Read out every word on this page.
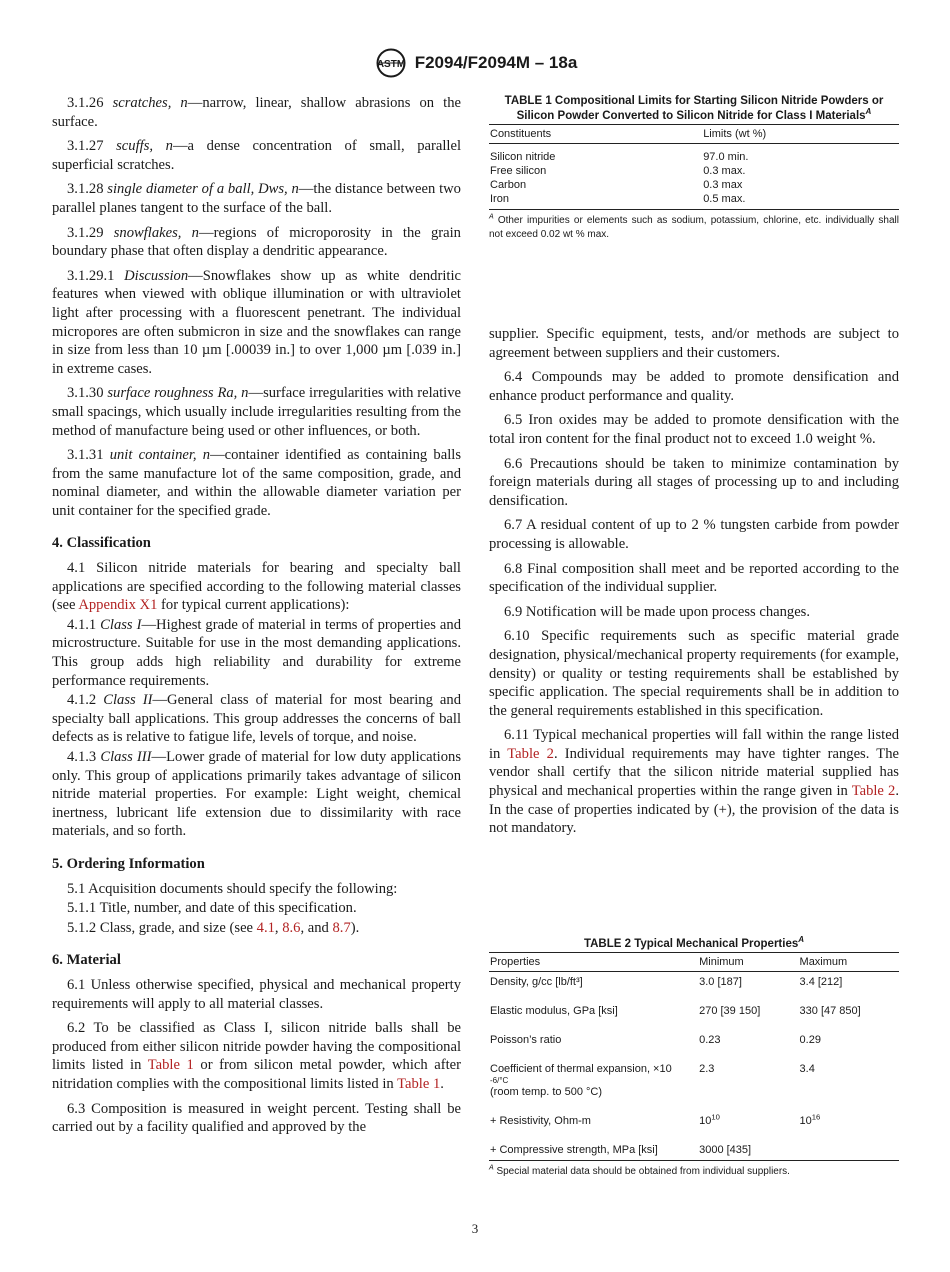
ASTM F2094/F2094M – 18a

3.1.26 scratches, n—narrow, linear, shallow abrasions on the surface.

3.1.27 scuffs, n—a dense concentration of small, parallel superficial scratches.

3.1.28 single diameter of a ball, Dws, n—the distance between two parallel planes tangent to the surface of the ball.

3.1.29 snowflakes, n—regions of microporosity in the grain boundary phase that often display a dendritic appearance.

3.1.29.1 Discussion—Snowflakes show up as white dendritic features when viewed with oblique illumination or with ultraviolet light after processing with a fluorescent penetrant. The individual micropores are often submicron in size and the snowflakes can range in size from less than 10 µm [.00039 in.] to over 1,000 µm [.039 in.] in extreme cases.

3.1.30 surface roughness Ra, n—surface irregularities with relative small spacings, which usually include irregularities resulting from the method of manufacture being used or other influences, or both.

3.1.31 unit container, n—container identified as containing balls from the same manufacture lot of the same composition, grade, and nominal diameter, and within the allowable diameter variation per unit container for the specified grade.

4. Classification

4.1 Silicon nitride materials for bearing and specialty ball applications are specified according to the following material classes (see Appendix X1 for typical current applications):

4.1.1 Class I—Highest grade of material in terms of properties and microstructure. Suitable for use in the most demanding applications. This group adds high reliability and durability for extreme performance requirements.

4.1.2 Class II—General class of material for most bearing and specialty ball applications. This group addresses the concerns of ball defects as is relative to fatigue life, levels of torque, and noise.

4.1.3 Class III—Lower grade of material for low duty applications only. This group of applications primarily takes advantage of silicon nitride material properties. For example: Light weight, chemical inertness, lubricant life extension due to dissimilarity with race materials, and so forth.

5. Ordering Information

5.1 Acquisition documents should specify the following:

5.1.1 Title, number, and date of this specification.

5.1.2 Class, grade, and size (see 4.1, 8.6, and 8.7).

6. Material

6.1 Unless otherwise specified, physical and mechanical property requirements will apply to all material classes.

6.2 To be classified as Class I, silicon nitride balls shall be produced from either silicon nitride powder having the compositional limits listed in Table 1 or from silicon metal powder, which after nitridation complies with the compositional limits listed in Table 1.

6.3 Composition is measured in weight percent. Testing shall be carried out by a facility qualified and approved by the

TABLE 1 Compositional Limits for Starting Silicon Nitride Powders or Silicon Powder Converted to Silicon Nitride for Class I Materials$^A$
Constituents	Limits (wt %)
Silicon nitride	97.0 min.
Free silicon	0.3 max.
Carbon	0.3 max
Iron	0.5 max.
$^A$ Other impurities or elements such as sodium, potassium, chlorine, etc. individually shall not exceed 0.02 wt % max.

supplier. Specific equipment, tests, and/or methods are subject to agreement between suppliers and their customers.

6.4 Compounds may be added to promote densification and enhance product performance and quality.

6.5 Iron oxides may be added to promote densification with the total iron content for the final product not to exceed 1.0 weight %.

6.6 Precautions should be taken to minimize contamination by foreign materials during all stages of processing up to and including densification.

6.7 A residual content of up to 2 % tungsten carbide from powder processing is allowable.

6.8 Final composition shall meet and be reported according to the specification of the individual supplier.

6.9 Notification will be made upon process changes.

6.10 Specific requirements such as specific material grade designation, physical/mechanical property requirements (for example, density) or quality or testing requirements shall be established by specific application. The special requirements shall be in addition to the general requirements established in this specification.

6.11 Typical mechanical properties will fall within the range listed in Table 2. Individual requirements may have tighter ranges. The vendor shall certify that the silicon nitride material supplied has physical and mechanical properties within the range given in Table 2. In the case of properties indicated by (+), the provision of the data is not mandatory.

TABLE 2 Typical Mechanical Properties$^A$
Properties	Minimum	Maximum
Density, g/cc [lb/ft³]	3.0 [187]	3.4 [212]
Elastic modulus, GPa [ksi]	270 [39 150]	330 [47 850]
Poisson’s ratio	0.23	0.29

Coefficient of thermal expansion, ×10
-6/°C
(room temp. to 500 °C)	2.3	3.4
+ Resistivity, Ohm-m	$10^{10}$	$10^{16}$
+ Compressive strength, MPa [ksi]	3000 [435]	
$^A$ Special material data should be obtained from individual suppliers.
3
